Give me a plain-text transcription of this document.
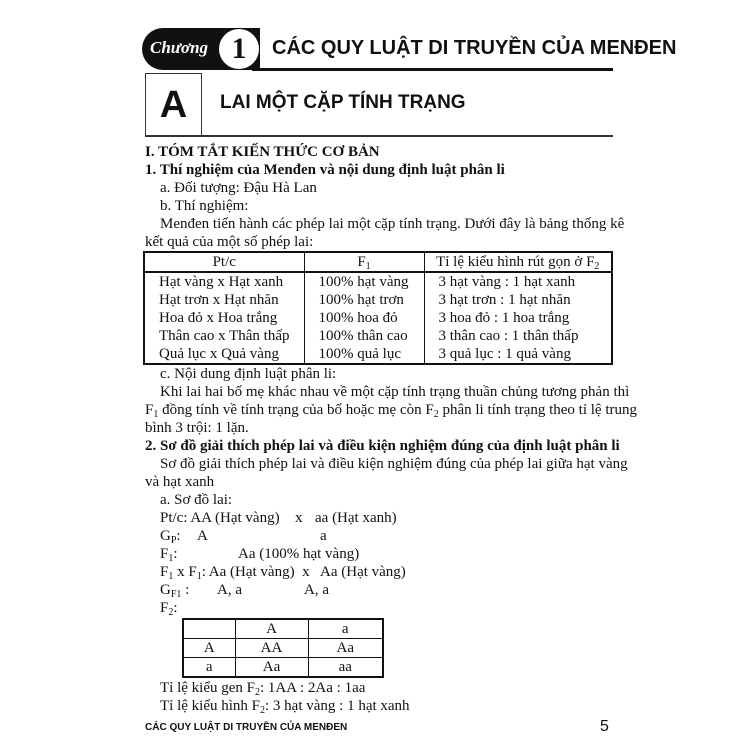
Chương 1	CÁC QUY LUẬT DI TRUYỀN CỦA MENĐEN
A	LAI MỘT CẶP TÍNH TRẠNG
I. TÓM TẮT KIẾN THỨC CƠ BẢN
1. Thí nghiệm của Menđen và nội dung định luật phân li
a. Đối tượng: Đậu Hà Lan
b. Thí nghiệm:
Menđen tiến hành các phép lai một cặp tính trạng. Dưới đây là bảng thống kê
kết quả của một số phép lai:
Pt/c	$F_1$	Tỉ lệ kiểu hình rút gọn ở $F_2$
Hạt vàng x Hạt xanh	100% hạt vàng	3 hạt vàng : 1 hạt xanh
Hạt trơn x Hạt nhăn	100% hạt trơn	3 hạt trơn : 1 hạt nhăn
Hoa đỏ x Hoa trắng	100% hoa đỏ	3 hoa đỏ : 1 hoa trắng
Thân cao x Thân thấp	100% thân cao	3 thân cao : 1 thân thấp
Quả lục x Quả vàng	100% quả lục	3 quả lục : 1 quả vàng
c. Nội dung định luật phân li:
Khi lai hai bố mẹ khác nhau về một cặp tính trạng thuần chủng tương phản thì
$F_1$ đồng tính về tính trạng của bố hoặc mẹ còn $F_2$ phân li tính trạng theo tỉ lệ trung
bình 3 trội: 1 lặn.
2. Sơ đồ giải thích phép lai và điều kiện nghiệm đúng của định luật phân li
Sơ đồ giải thích phép lai và điều kiện nghiệm đúng của phép lai giữa hạt vàng
và hạt xanh
a. Sơ đồ lai:
Pt/c: AA (Hạt vàng) x aa (Hạt xanh)
$G_P$: A	a
$F_1$:	Aa (100% hạt vàng)
$F_1$ x $F_1$: Aa (Hạt vàng)  x   Aa (Hạt vàng)
$G_{F1}$ : A, a	A, a
$F_2$:
	A	a
A	AA	Aa
a	Aa	aa
Tỉ lệ kiểu gen $F_2$: 1AA : 2Aa : 1aa
Tỉ lệ kiểu hình $F_2$: 3 hạt vàng : 1 hạt xanh
CÁC QUY LUẬT DI TRUYỀN CỦA MENĐEN	5
